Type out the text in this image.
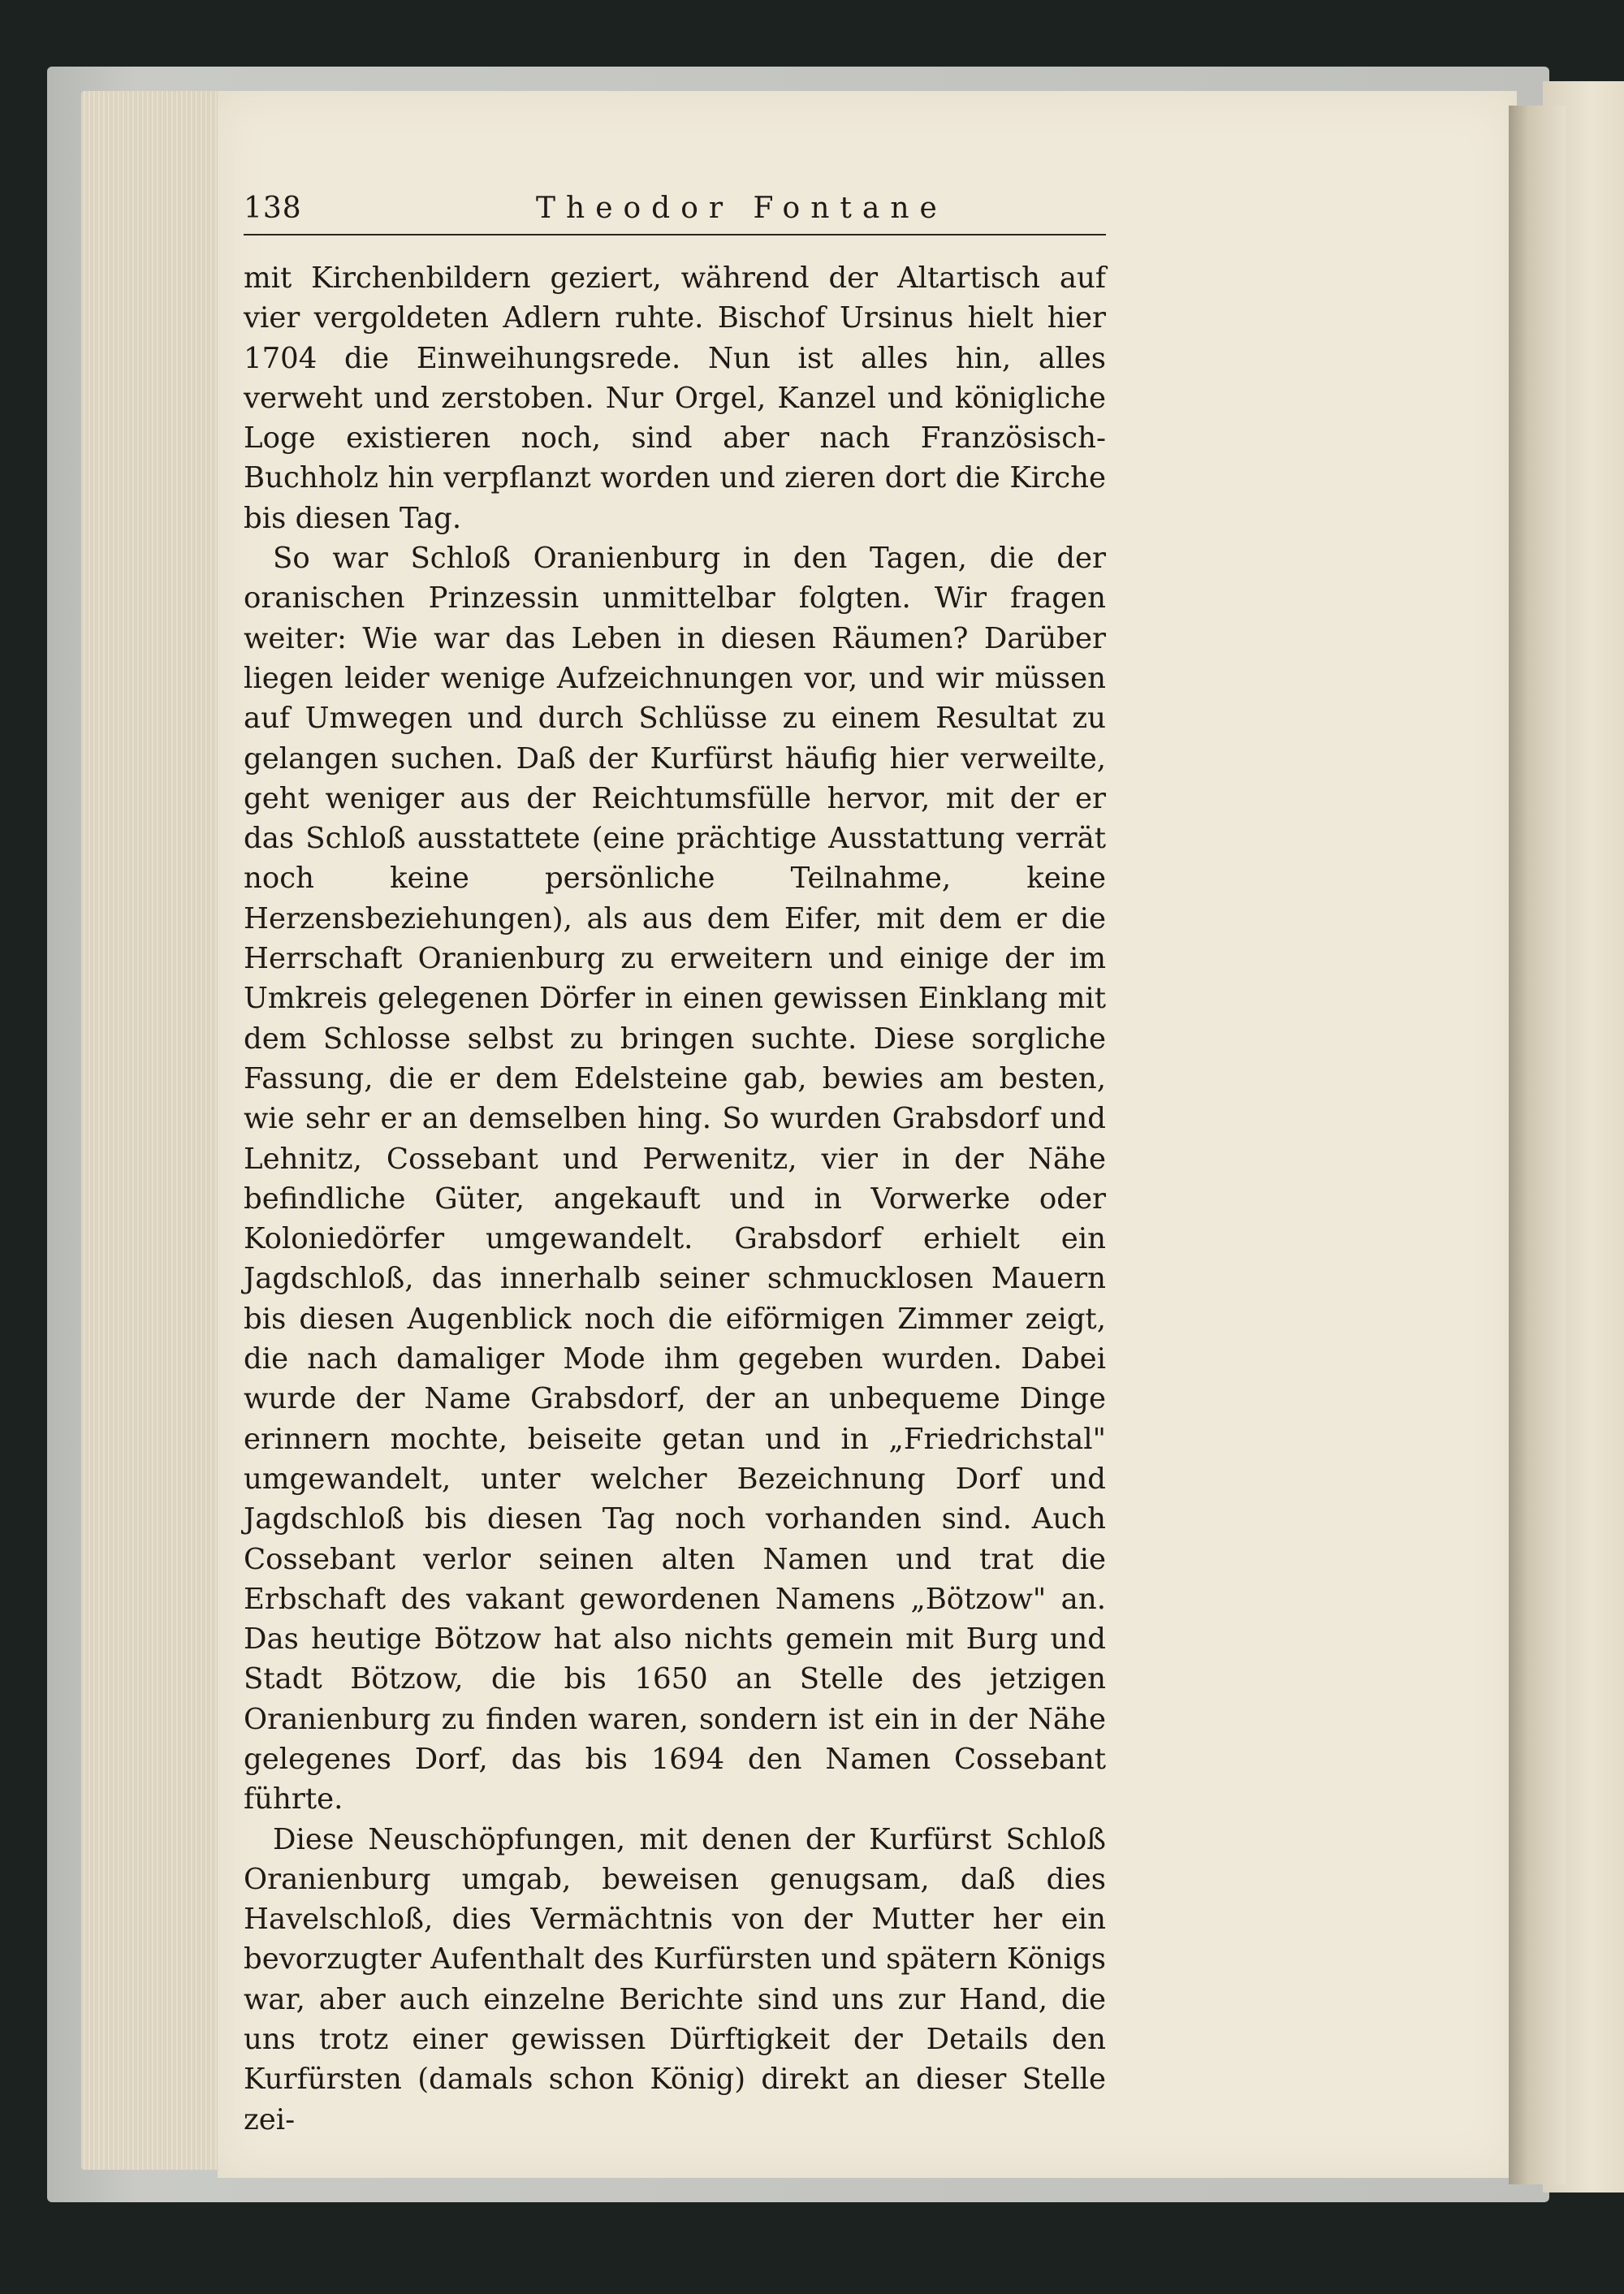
138	Theodor Fontane

mit Kirchenbildern geziert, während der Altartisch auf vier vergoldeten Adlern ruhte. Bischof Ursinus hielt hier 1704 die Einweihungsrede. Nun ist alles hin, alles verweht und zerstoben. Nur Orgel, Kanzel und königliche Loge existieren noch, sind aber nach Französisch-Buchholz hin verpflanzt worden und zieren dort die Kirche bis diesen Tag.

So war Schloß Oranienburg in den Tagen, die der oranischen Prinzessin unmittelbar folgten. Wir fragen weiter: Wie war das Leben in diesen Räumen? Darüber liegen leider wenige Aufzeichnungen vor, und wir müssen auf Umwegen und durch Schlüsse zu einem Resultat zu gelangen suchen. Daß der Kurfürst häufig hier verweilte, geht weniger aus der Reichtumsfülle hervor, mit der er das Schloß ausstattete (eine prächtige Ausstattung verrät noch keine persönliche Teilnahme, keine Herzensbeziehungen), als aus dem Eifer, mit dem er die Herrschaft Oranienburg zu erweitern und einige der im Umkreis gelegenen Dörfer in einen gewissen Einklang mit dem Schlosse selbst zu bringen suchte. Diese sorgliche Fassung, die er dem Edelsteine gab, bewies am besten, wie sehr er an demselben hing. So wurden Grabsdorf und Lehnitz, Cossebant und Perwenitz, vier in der Nähe befindliche Güter, angekauft und in Vorwerke oder Koloniedörfer umgewandelt. Grabsdorf erhielt ein Jagdschloß, das innerhalb seiner schmucklosen Mauern bis diesen Augenblick noch die eiförmigen Zimmer zeigt, die nach damaliger Mode ihm gegeben wurden. Dabei wurde der Name Grabsdorf, der an unbequeme Dinge erinnern mochte, beiseite getan und in „Friedrichstal" umgewandelt, unter welcher Bezeichnung Dorf und Jagdschloß bis diesen Tag noch vorhanden sind. Auch Cossebant verlor seinen alten Namen und trat die Erbschaft des vakant gewordenen Namens „Bötzow" an. Das heutige Bötzow hat also nichts gemein mit Burg und Stadt Bötzow, die bis 1650 an Stelle des jetzigen Oranienburg zu finden waren, sondern ist ein in der Nähe gelegenes Dorf, das bis 1694 den Namen Cossebant führte.

Diese Neuschöpfungen, mit denen der Kurfürst Schloß Oranienburg umgab, beweisen genugsam, daß dies Havelschloß, dies Vermächtnis von der Mutter her ein bevorzugter Aufenthalt des Kurfürsten und spätern Königs war, aber auch einzelne Berichte sind uns zur Hand, die uns trotz einer gewissen Dürftigkeit der Details den Kurfürsten (damals schon König) direkt an dieser Stelle zei-
